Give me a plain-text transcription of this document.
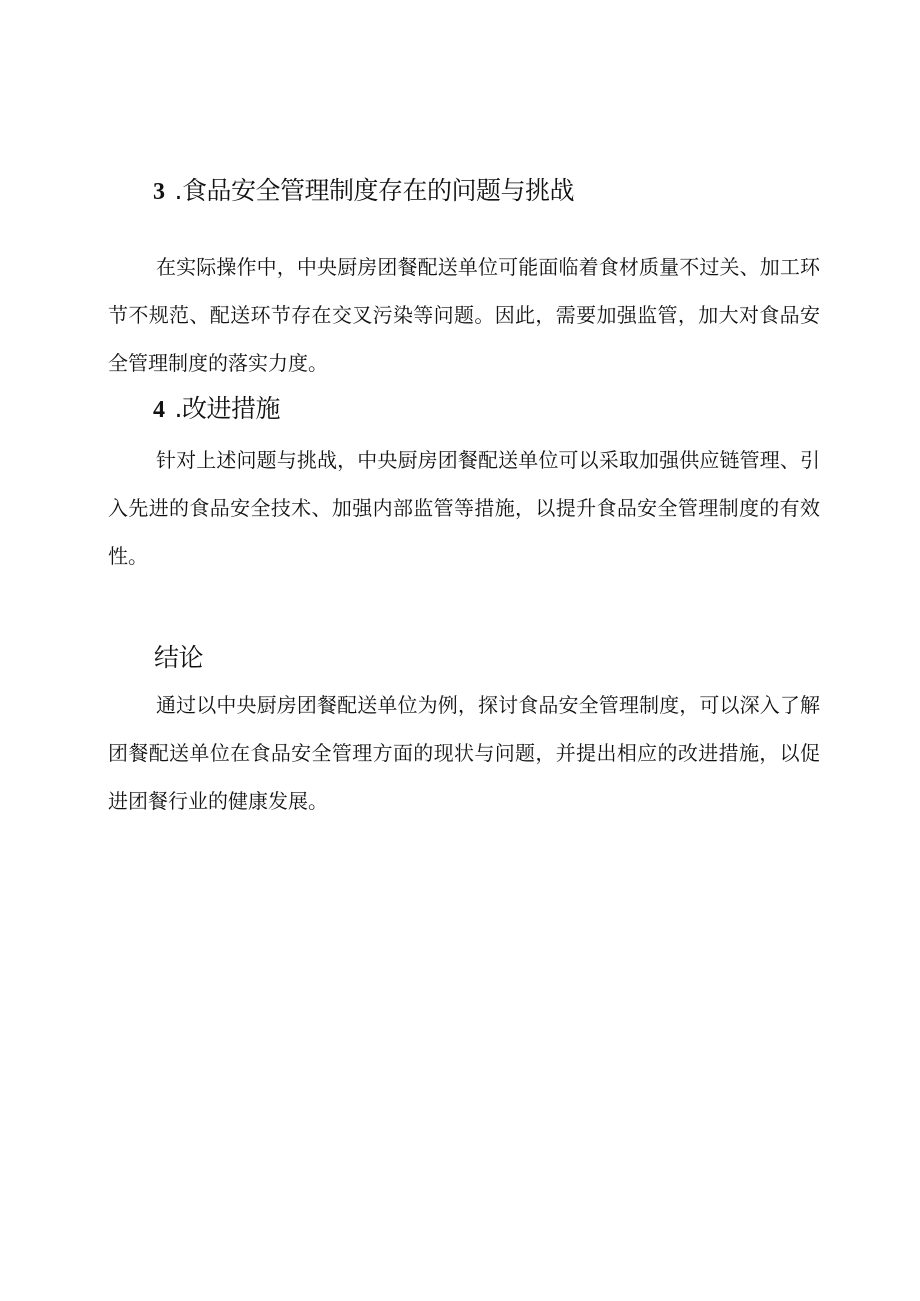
3 .食品安全管理制度存在的问题与挑战

在实际操作中，中央厨房团餐配送单位可能面临着食材质量不过关、加工环节不规范、配送环节存在交叉污染等问题。因此，需要加强监管，加大对食品安全管理制度的落实力度。

4 .改进措施

针对上述问题与挑战，中央厨房团餐配送单位可以采取加强供应链管理、引入先进的食品安全技术、加强内部监管等措施，以提升食品安全管理制度的有效性。

结论

通过以中央厨房团餐配送单位为例，探讨食品安全管理制度，可以深入了解团餐配送单位在食品安全管理方面的现状与问题，并提出相应的改进措施，以促进团餐行业的健康发展。
